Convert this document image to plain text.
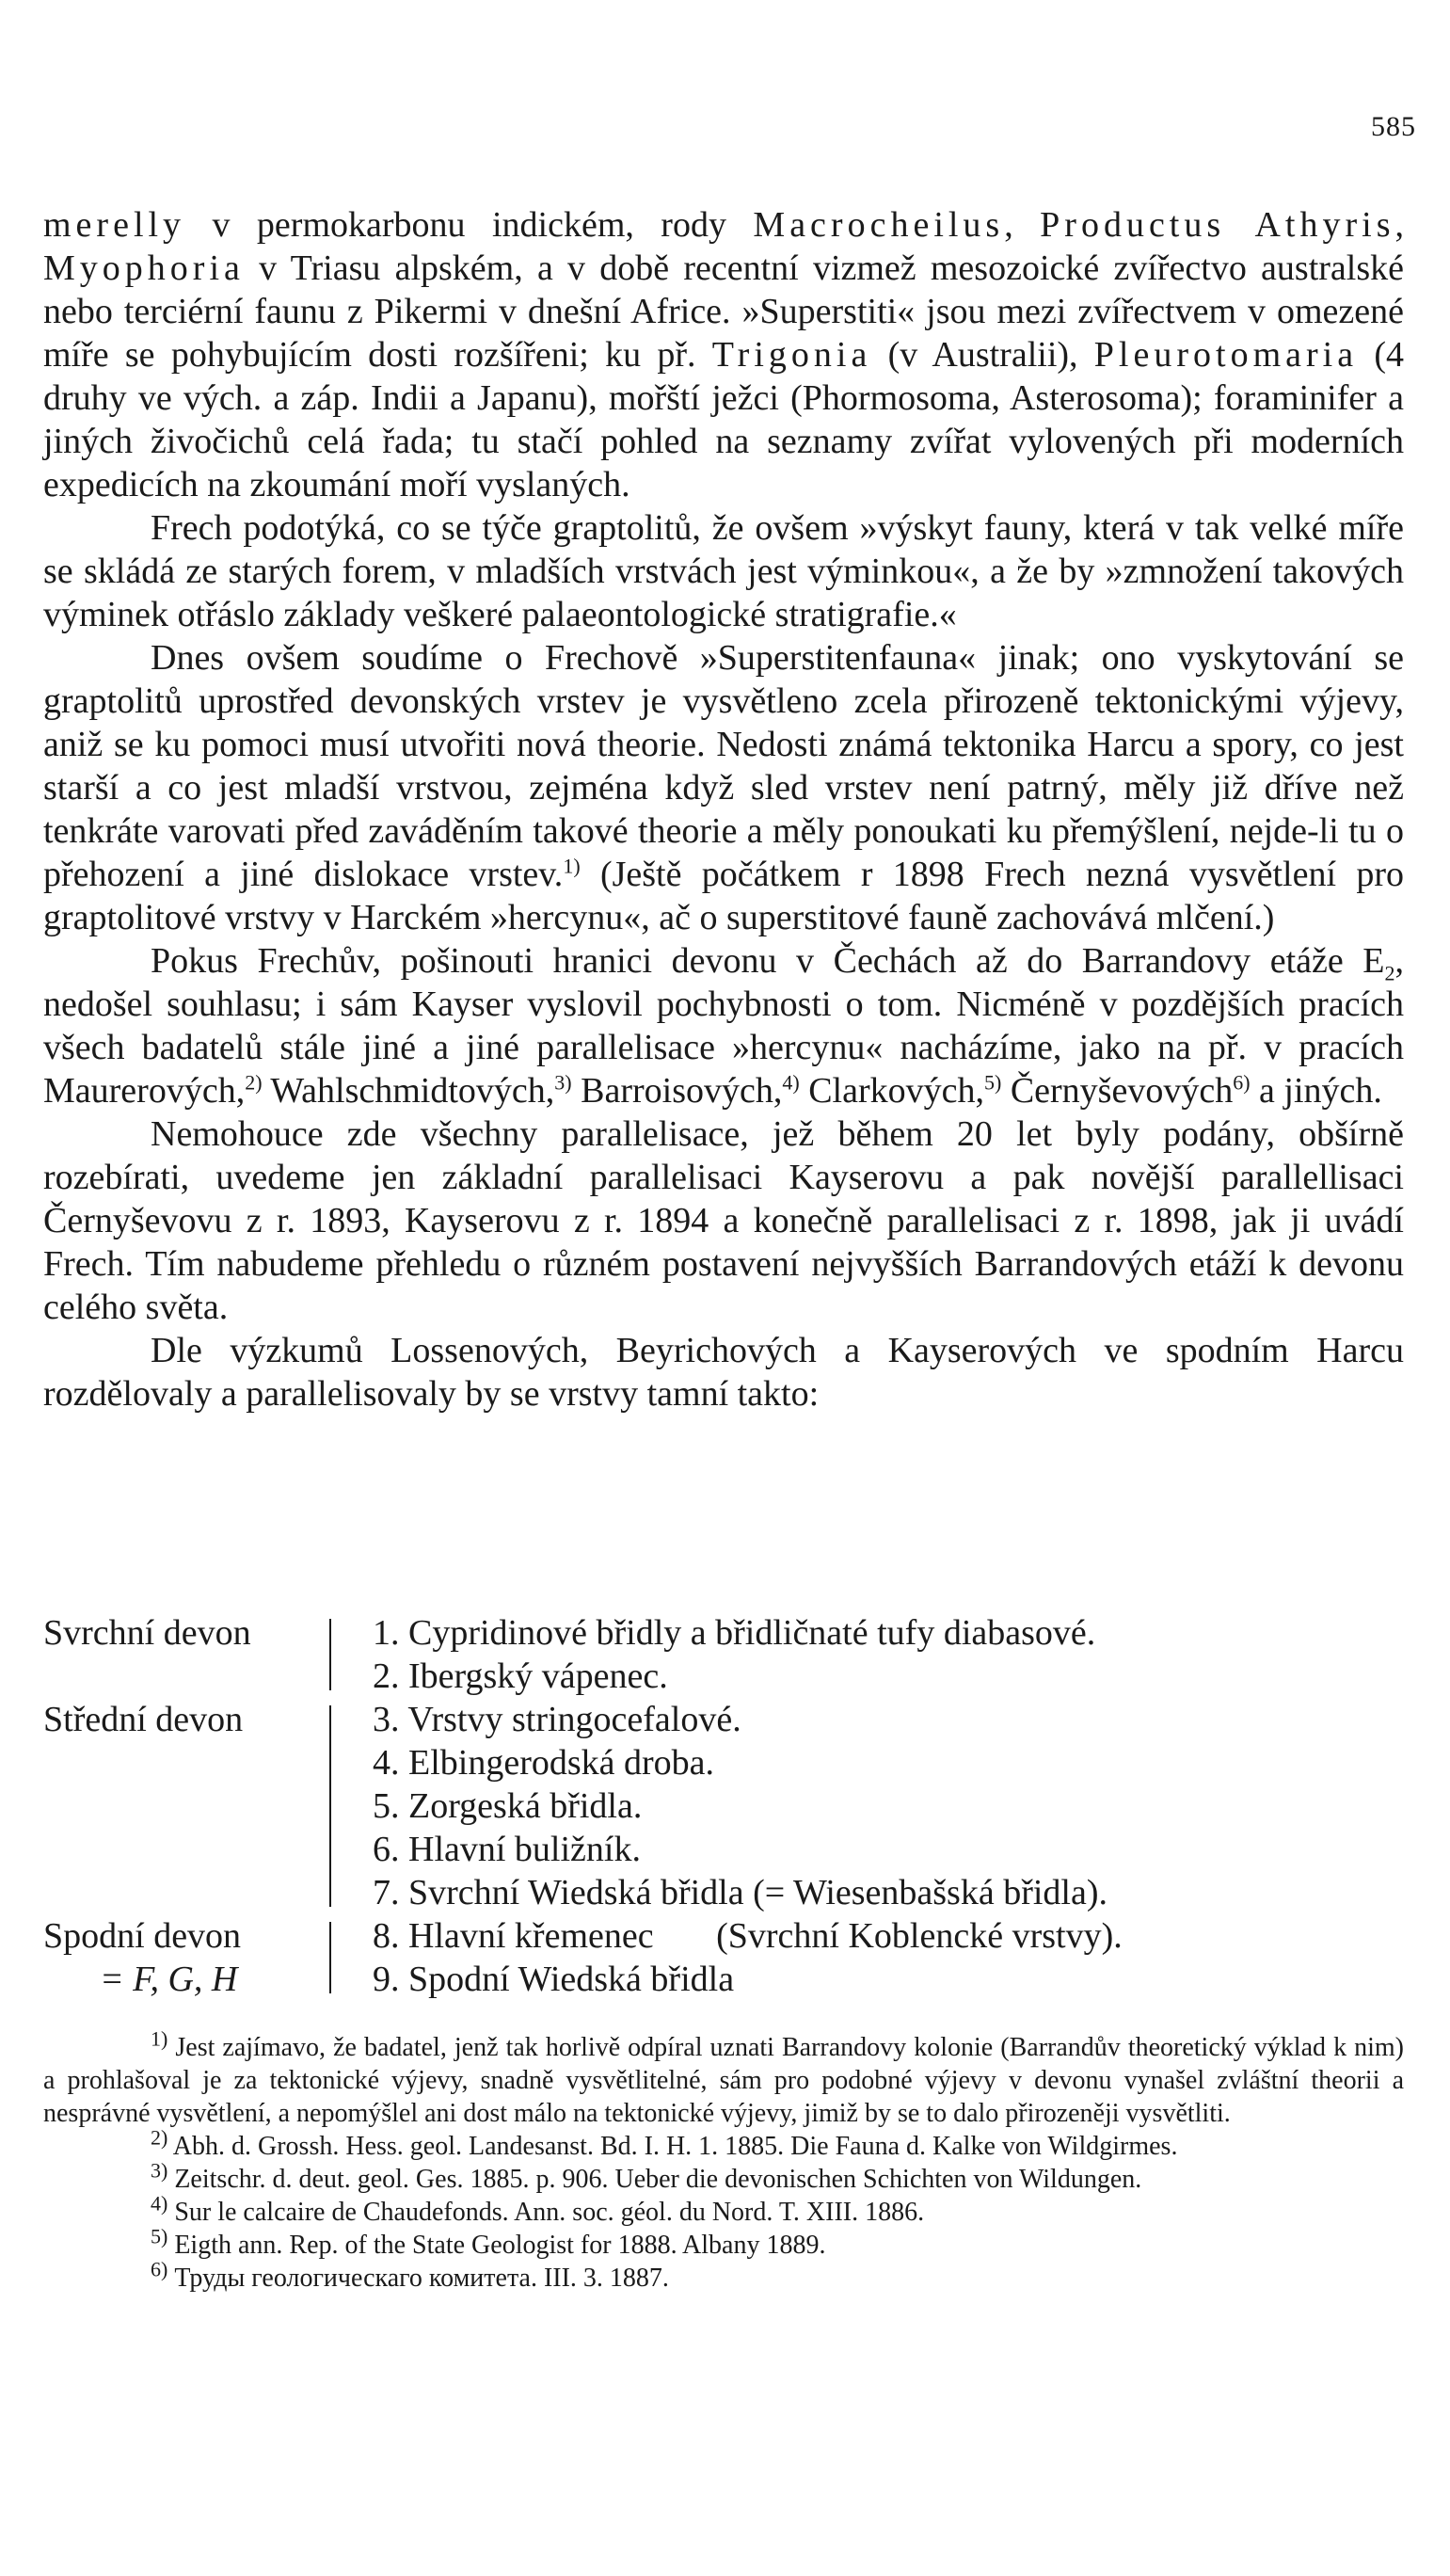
585

merelly v permokarbonu indickém, rody Macrocheilus, Productus Athyris, Myophoria v Triasu alpském, a v době recentní vizmež mesozoické zvířectvo australské nebo terciérní faunu z Pikermi v dnešní Africe. »Superstiti« jsou mezi zvířectvem v omezené míře se pohybujícím dosti rozšířeni; ku př. Trigonia (v Australii), Pleurotomaria (4 druhy ve vých. a záp. Indii a Japanu), mořští ježci (Phormosoma, Asterosoma); foraminifer a jiných živočichů celá řada; tu stačí pohled na seznamy zvířat vylovených při moderních expedicích na zkoumání moří vyslaných.

Frech podotýká, co se týče graptolitů, že ovšem »výskyt fauny, která v tak velké míře se skládá ze starých forem, v mladších vrstvách jest výminkou«, a že by »zmnožení takových výminek otřáslo základy veškeré palaeontologické stratigrafie.«

Dnes ovšem soudíme o Frechově »Superstitenfauna« jinak; ono vyskytování se graptolitů uprostřed devonských vrstev je vysvětleno zcela přirozeně tektonickými výjevy, aniž se ku pomoci musí utvořiti nová theorie. Nedosti známá tektonika Harcu a spory, co jest starší a co jest mladší vrstvou, zejména když sled vrstev není patrný, měly již dříve než tenkráte varovati před zaváděním takové theorie a měly ponoukati ku přemýšlení, nejde-li tu o přehození a jiné dislokace vrstev.$^{1)}$ (Ještě počátkem r 1898 Frech nezná vysvětlení pro graptolitové vrstvy v Harckém »hercynu«, ač o superstitové fauně zachovává mlčení.)

Pokus Frechův, pošinouti hranici devonu v Čechách až do Barrandovy etáže $E_2$, nedošel souhlasu; i sám Kayser vyslovil pochybnosti o tom. Nicméně v pozdějších pracích všech badatelů stále jiné a jiné parallelisace »hercynu« nacházíme, jako na př. v pracích Maurerových,$^{2)}$ Wahlschmidtových,$^{3)}$ Barroisových,$^{4)}$ Clarkových,$^{5)}$ Černyševových$^{6)}$ a jiných.

Nemohouce zde všechny parallelisace, jež během 20 let byly podány, obšírně rozebírati, uvedeme jen základní parallelisaci Kayserovu a pak novější parallellisaci Černyševovu z r. 1893, Kayserovu z r. 1894 a konečně parallelisaci z r. 1898, jak ji uvádí Frech. Tím nabudeme přehledu o různém postavení nejvyšších Barrandových etáží k devonu celého světa.

Dle výzkumů Lossenových, Beyrichových a Kayserových ve spodním Harcu rozdělovaly a parallelisovaly by se vrstvy tamní takto:

Svrchní devon	1. Cypridinové břidly a břidličnaté tufy diabasové.
2. Ibergský vápenec.
Střední devon	3. Vrstvy stringocefalové.
4. Elbingerodská droba.
5. Zorgeská břidla.
6. Hlavní buližník.
7. Svrchní Wiedská břidla (= Wiesenbašská břidla).
Spodní devon
= F, G, H
8. Hlavní křemenec       (Svrchní Koblencké vrstvy).
9. Spodní Wiedská břidla

$^{1)}$ Jest zajímavo, že badatel, jenž tak horlivě odpíral uznati Barrandovy kolonie (Barrandův theoretický výklad k nim) a prohlašoval je za tektonické výjevy, snadně vysvětlitelné, sám pro podobné výjevy v devonu vynašel zvláštní theorii a nesprávné vysvětlení, a nepomýšlel ani dost málo na tektonické výjevy, jimiž by se to dalo přirozeněji vysvětliti.

$^{2)}$ Abh. d. Grossh. Hess. geol. Landesanst. Bd. I. H. 1. 1885. Die Fauna d. Kalke von Wildgirmes.

$^{3)}$ Zeitschr. d. deut. geol. Ges. 1885. p. 906. Ueber die devonischen Schichten von Wildungen.

$^{4)}$ Sur le calcaire de Chaudefonds. Ann. soc. géol. du Nord. T. XIII. 1886.

$^{5)}$ Eigth ann. Rep. of the State Geologist for 1888. Albany 1889.

$^{6)}$ Труды геологическаго комитета. III. 3. 1887.
